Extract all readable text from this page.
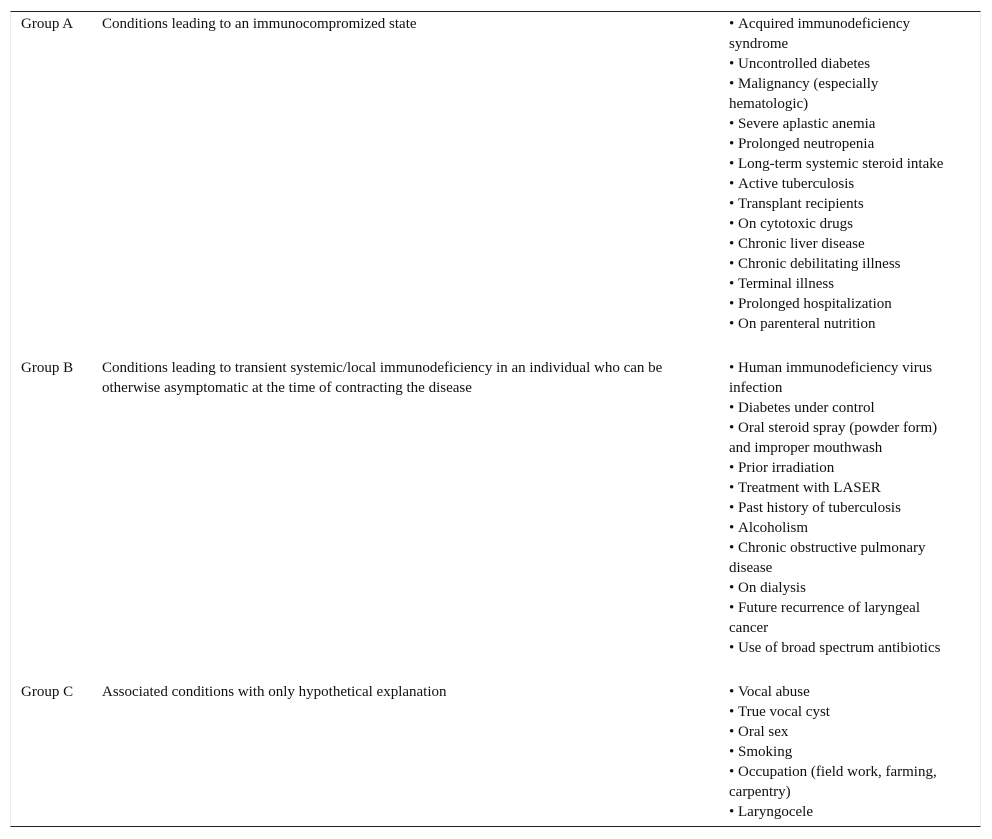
Group A	Conditions leading to an immunocompromized state	• Acquired immunodeficiency syndrome
• Uncontrolled diabetes
• Malignancy (especially hematologic)
• Severe aplastic anemia
• Prolonged neutropenia
• Long-term systemic steroid intake
• Active tuberculosis
• Transplant recipients
• On cytotoxic drugs
• Chronic liver disease
• Chronic debilitating illness
• Terminal illness
• Prolonged hospitalization
• On parenteral nutrition
Group B	Conditions leading to transient systemic/local immunodeficiency in an individual who can be otherwise asymptomatic at the time of contracting the disease
• Human immunodeficiency virus infection
• Diabetes under control
• Oral steroid spray (powder form) and improper mouthwash
• Prior irradiation
• Treatment with LASER
• Past history of tuberculosis
• Alcoholism
• Chronic obstructive pulmonary disease
• On dialysis
• Future recurrence of laryngeal cancer
• Use of broad spectrum antibiotics
Group C	Associated conditions with only hypothetical explanation	• Vocal abuse
• True vocal cyst
• Oral sex
• Smoking
• Occupation (field work, farming, carpentry)
• Laryngocele
